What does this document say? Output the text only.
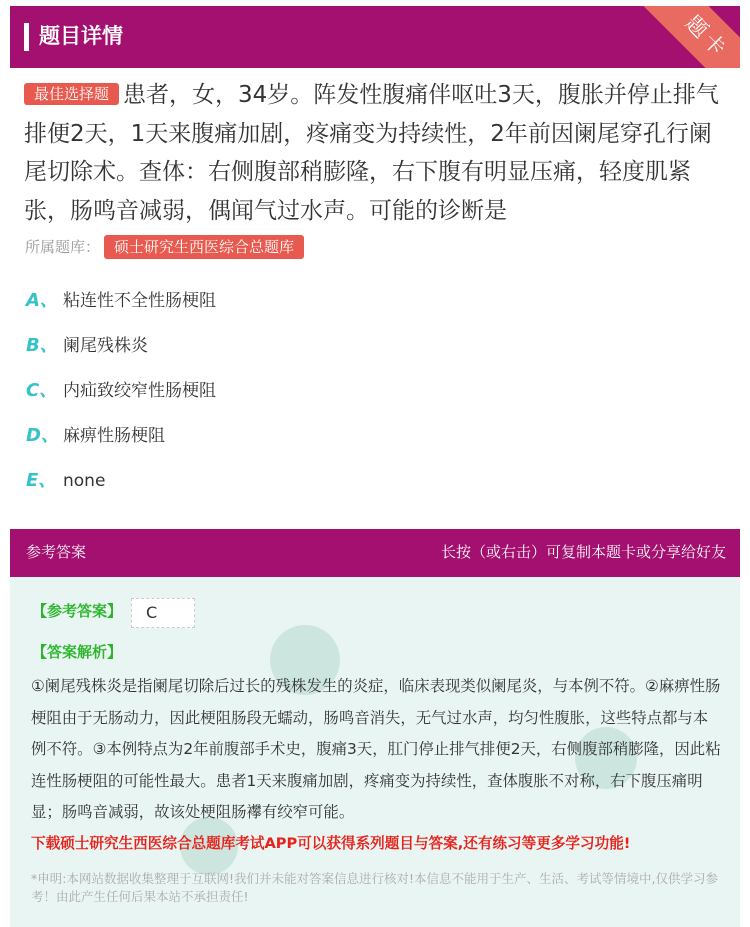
题目详情	题卡
最佳选择题 患者，女，34岁。阵发性腹痛伴呕吐3天，腹胀并停止排气排便2天，1天来腹痛加剧，疼痛变为持续性，2年前因阑尾穿孔行阑尾切除术。查体：右侧腹部稍膨隆，右下腹有明显压痛，轻度肌紧张，肠鸣音减弱，偶闻气过水声。可能的诊断是
所属题库： 硕士研究生西医综合总题库
A、 粘连性不全性肠梗阻
B、 阑尾残株炎
C、 内疝致绞窄性肠梗阻
D、 麻痹性肠梗阻
E、 none
参考答案	长按（或右击）可复制本题卡或分享给好友
【参考答案】	C
【答案解析】
①阑尾残株炎是指阑尾切除后过长的残株发生的炎症，临床表现类似阑尾炎，与本例不符。②麻痹性肠梗阻由于无肠动力，因此梗阻肠段无蠕动，肠鸣音消失，无气过水声，均匀性腹胀，这些特点都与本例不符。③本例特点为2年前腹部手术史，腹痛3天，肛门停止排气排便2天，右侧腹部稍膨隆，因此粘连性肠梗阻的可能性最大。患者1天来腹痛加剧，疼痛变为持续性，查体腹胀不对称，右下腹压痛明显；肠鸣音减弱，故该处梗阻肠襻有绞窄可能。
下载硕士研究生西医综合总题库考试APP可以获得系列题目与答案,还有练习等更多学习功能!
*申明:本网站数据收集整理于互联网!我们并未能对答案信息进行核对!本信息不能用于生产、生活、考试等情境中,仅供学习参考！由此产生任何后果本站不承担责任!
